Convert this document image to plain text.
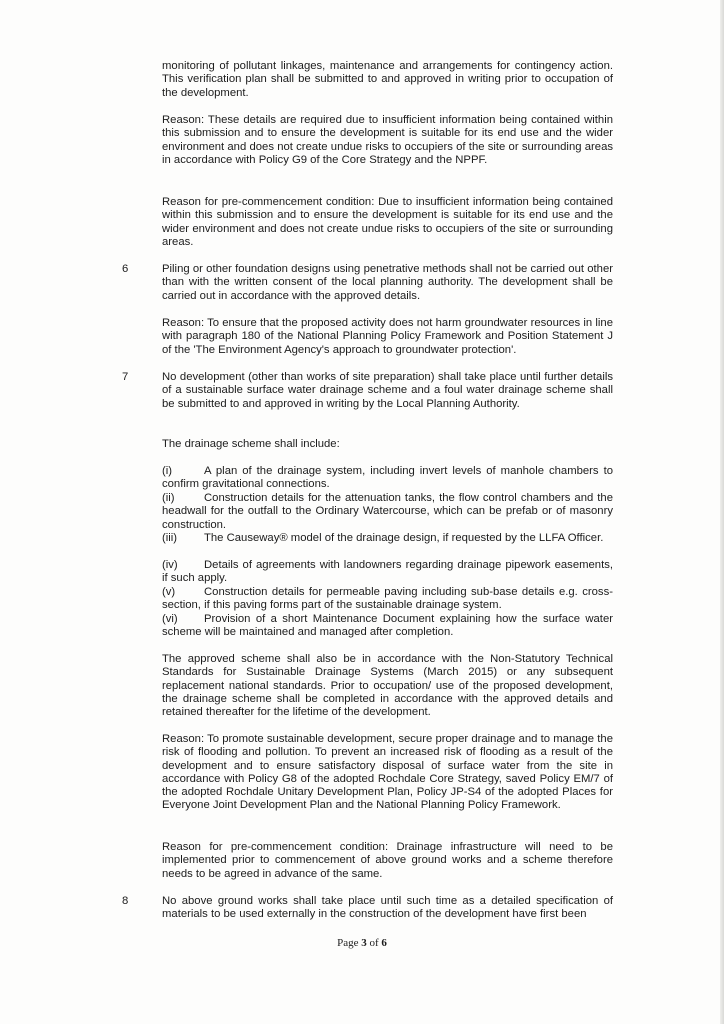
monitoring of pollutant linkages, maintenance and arrangements for contingency action. This verification plan shall be submitted to and approved in writing prior to occupation of the development.

Reason: These details are required due to insufficient information being contained within this submission and to ensure the development is suitable for its end use and the wider environment and does not create undue risks to occupiers of the site or surrounding areas in accordance with Policy G9 of the Core Strategy and the NPPF.

Reason for pre-commencement condition: Due to insufficient information being contained within this submission and to ensure the development is suitable for its end use and the wider environment and does not create undue risks to occupiers of the site or surrounding areas.

6	Piling or other foundation designs using penetrative methods shall not be carried out other than with the written consent of the local planning authority. The development shall be carried out in accordance with the approved details.

Reason: To ensure that the proposed activity does not harm groundwater resources in line with paragraph 180 of the National Planning Policy Framework and Position Statement J of the 'The Environment Agency's approach to groundwater protection'.

7	No development (other than works of site preparation) shall take place until further details of a sustainable surface water drainage scheme and a foul water drainage scheme shall be submitted to and approved in writing by the Local Planning Authority.

The drainage scheme shall include:

(i)	A plan of the drainage system, including invert levels of manhole chambers to confirm gravitational connections.

(ii)	Construction details for the attenuation tanks, the flow control chambers and the headwall for the outfall to the Ordinary Watercourse, which can be prefab or of masonry construction.

(iii) The Causeway® model of the drainage design, if requested by the LLFA Officer.

(iv) Details of agreements with landowners regarding drainage pipework easements, if such apply.

(v)	Construction details for permeable paving including sub-base details e.g. cross-section, if this paving forms part of the sustainable drainage system.

(vi) Provision of a short Maintenance Document explaining how the surface water scheme will be maintained and managed after completion.

The approved scheme shall also be in accordance with the Non-Statutory Technical Standards for Sustainable Drainage Systems (March 2015) or any subsequent replacement national standards. Prior to occupation/ use of the proposed development, the drainage scheme shall be completed in accordance with the approved details and retained thereafter for the lifetime of the development.

Reason: To promote sustainable development, secure proper drainage and to manage the risk of flooding and pollution. To prevent an increased risk of flooding as a result of the development and to ensure satisfactory disposal of surface water from the site in accordance with Policy G8 of the adopted Rochdale Core Strategy, saved Policy EM/7 of the adopted Rochdale Unitary Development Plan, Policy JP-S4 of the adopted Places for Everyone Joint Development Plan and the National Planning Policy Framework.

Reason for pre-commencement condition: Drainage infrastructure will need to be implemented prior to commencement of above ground works and a scheme therefore needs to be agreed in advance of the same.

8	No above ground works shall take place until such time as a detailed specification of materials to be used externally in the construction of the development have first been

Page 3 of 6
